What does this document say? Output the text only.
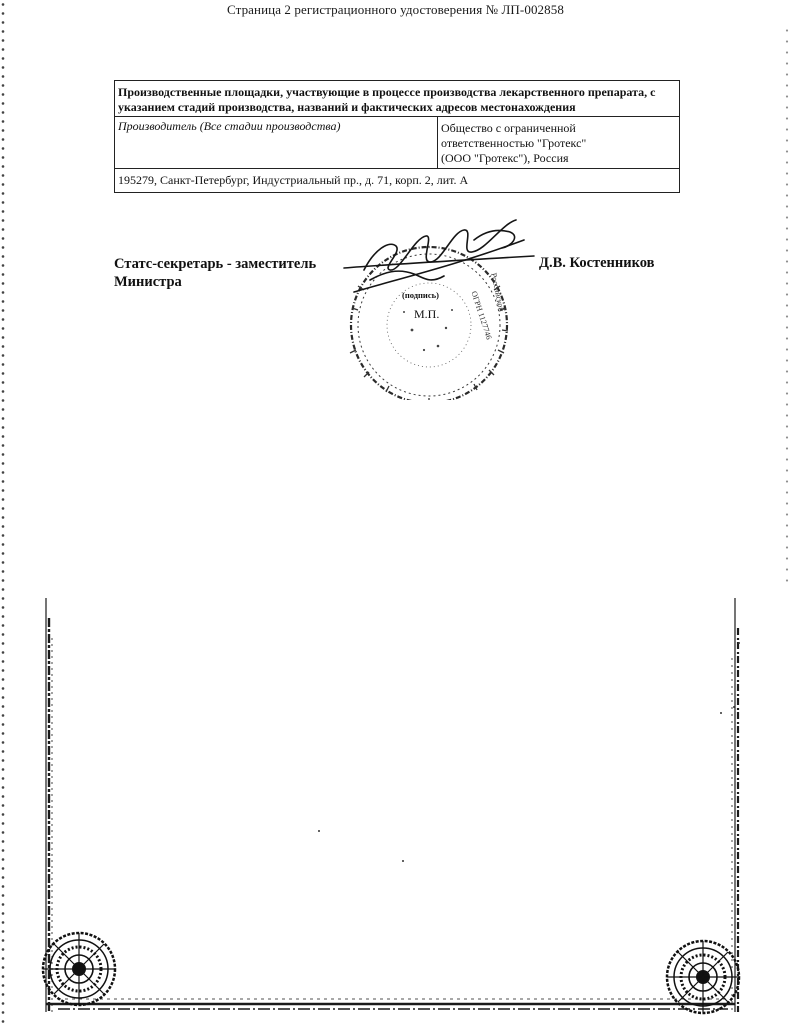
Страница 2 регистрационного удостоверения № ЛП-002858
Производственные площадки, участвующие в процессе производства лекарственного препарата, с указанием стадий производства, названий и фактических адресов местонахождения
Производитель (Все стадии производства)	Общество с ограниченной
ответственностью "Гротекс"
(ООО "Гротекс"), Россия

195279, Санкт-Петербург, Индустриальный пр., д. 71, корп. 2, лит. А
Статс-секретарь - заместитель
Министра
(подпись)
М.П.	ОГРН 1127746
Российской
Д.В. Костенников
